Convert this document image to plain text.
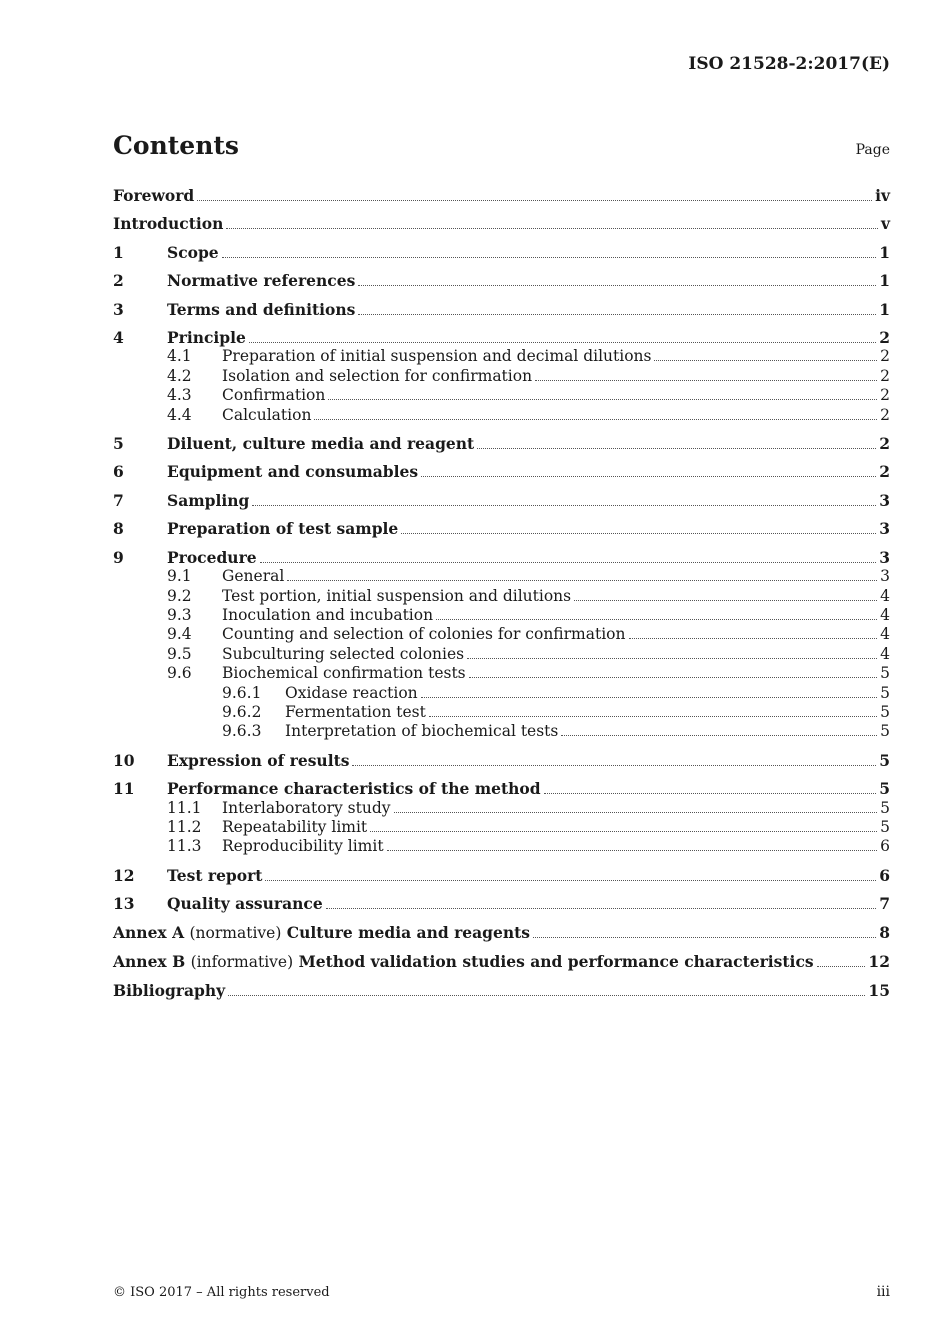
ISO 21528-2:2017(E)
Contents	Page
Foreword	iv
Introduction	v
1	Scope	1
2	Normative references	1
3	Terms and definitions	1
4	Principle	2
4.1	Preparation of initial suspension and decimal dilutions	2
4.2	Isolation and selection for confirmation	2
4.3	Confirmation	2
4.4	Calculation	2
5	Diluent, culture media and reagent	2
6	Equipment and consumables	2
7	Sampling	3
8	Preparation of test sample	3
9	Procedure	3
9.1	General	3
9.2	Test portion, initial suspension and dilutions	4
9.3	Inoculation and incubation	4
9.4	Counting and selection of colonies for confirmation	4
9.5	Subculturing selected colonies	4
9.6	Biochemical confirmation tests	5
9.6.1	Oxidase reaction	5
9.6.2	Fermentation test	5
9.6.3	Interpretation of biochemical tests	5
10	Expression of results	5
11	Performance characteristics of the method	5
11.1	Interlaboratory study	5
11.2	Repeatability limit	5
11.3	Reproducibility limit	6
12	Test report	6
13	Quality assurance	7
Annex A (normative) Culture media and reagents	8
Annex B (informative) Method validation studies and performance characteristics	12
Bibliography	15
© ISO 2017 – All rights reserved	iii
